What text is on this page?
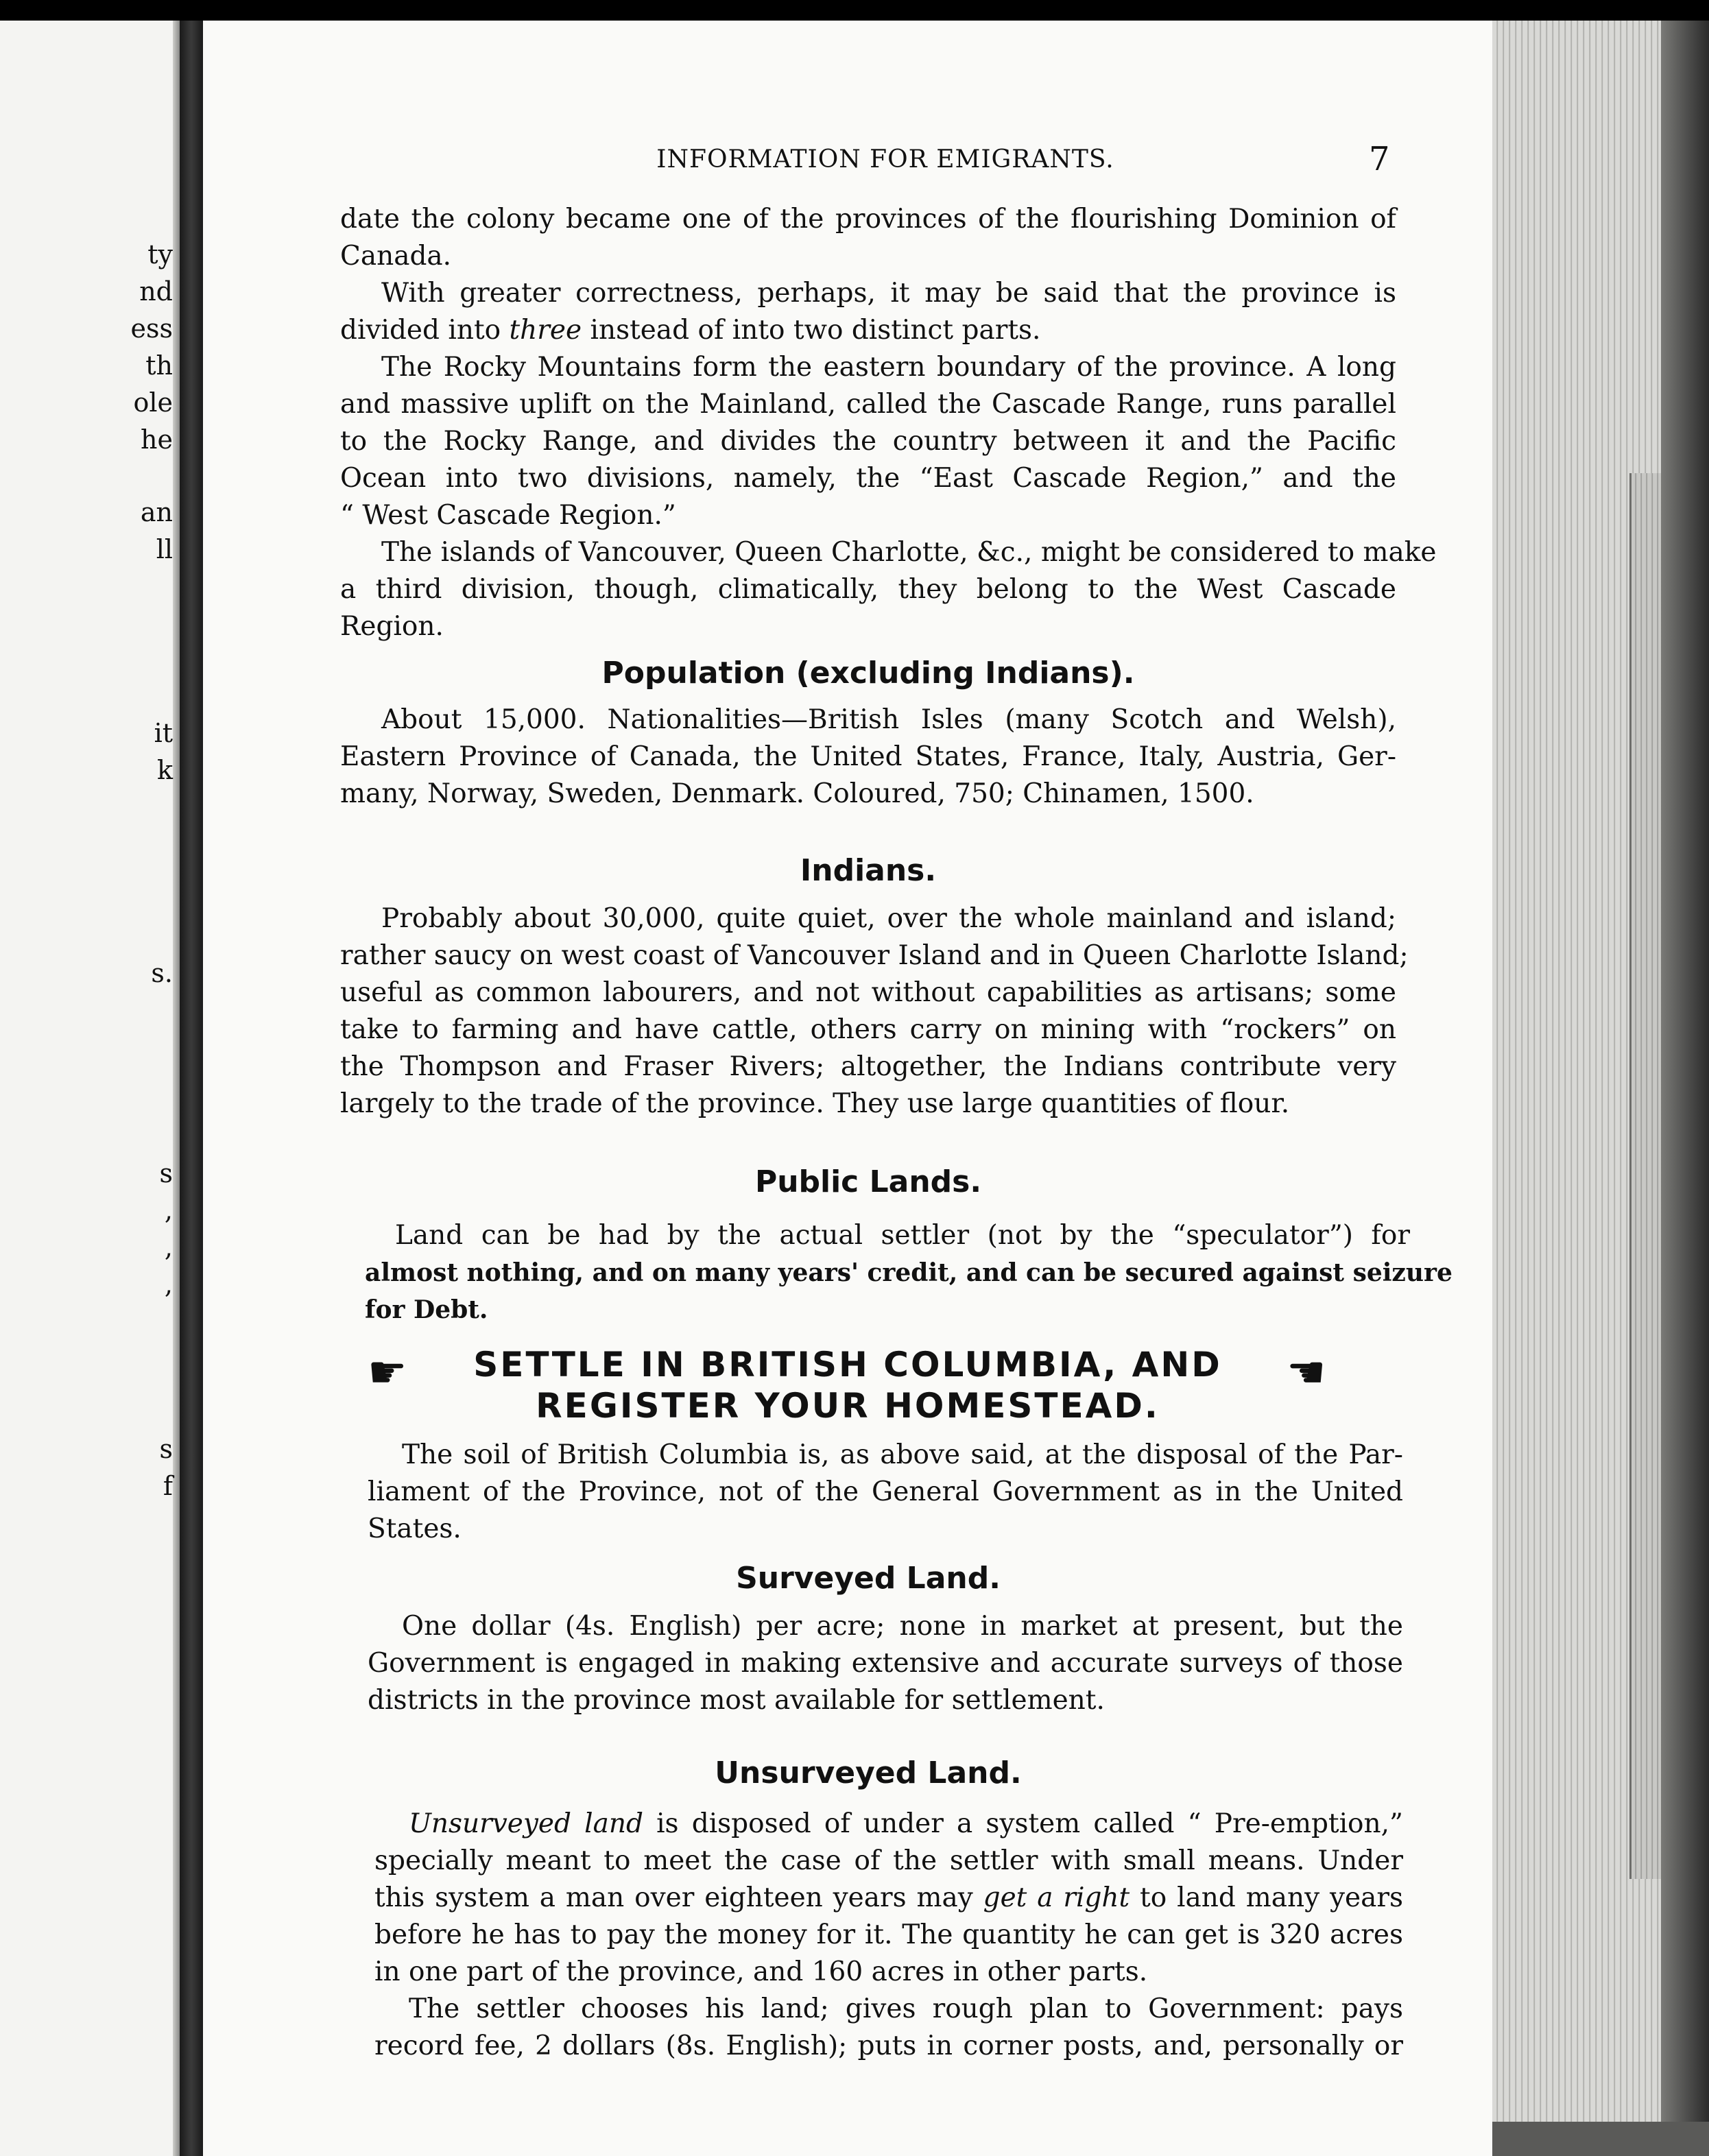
ty
nd
ess
th
ole
he
an
ll
it
k
s.
s
,
,
,
s
f
INFORMATION FOR EMIGRANTS.	7
date the colony became one of the provinces of the flourishing Dominion of
Canada.
With greater correctness, perhaps, it may be said that the province is
divided into three instead of into two distinct parts.
The Rocky Mountains form the eastern boundary of the province. A long
and massive uplift on the Mainland, called the Cascade Range, runs parallel
to the Rocky Range, and divides the country between it and the Pacific
Ocean into two divisions, namely, the “East Cascade Region,” and the
“ West Cascade Region.”
The islands of Vancouver, Queen Charlotte, &c., might be considered to make
a third division, though, climatically, they belong to the West Cascade
Region.
Population (excluding Indians).
About 15,000. Nationalities—British Isles (many Scotch and Welsh),
Eastern Province of Canada, the United States, France, Italy, Austria, Ger-
many, Norway, Sweden, Denmark. Coloured, 750; Chinamen, 1500.
Indians.
Probably about 30,000, quite quiet, over the whole mainland and island;
rather saucy on west coast of Vancouver Island and in Queen Charlotte Island;
useful as common labourers, and not without capabilities as artisans; some
take to farming and have cattle, others carry on mining with “rockers” on
the Thompson and Fraser Rivers; altogether, the Indians contribute very
largely to the trade of the province. They use large quantities of flour.
Public Lands.
Land can be had by the actual settler (not by the “speculator”) for
almost nothing, and on many years' credit, and can be secured against seizure
for Debt.
☛	SETTLE IN BRITISH COLUMBIA, AND
REGISTER YOUR HOMESTEAD.
☚
The soil of British Columbia is, as above said, at the disposal of the Par-
liament of the Province, not of the General Government as in the United
States.
Surveyed Land.
One dollar (4s. English) per acre; none in market at present, but the
Government is engaged in making extensive and accurate surveys of those
districts in the province most available for settlement.
Unsurveyed Land.
Unsurveyed land is disposed of under a system called “ Pre-emption,”
specially meant to meet the case of the settler with small means. Under
this system a man over eighteen years may get a right to land many years
before he has to pay the money for it. The quantity he can get is 320 acres
in one part of the province, and 160 acres in other parts.
The settler chooses his land; gives rough plan to Government: pays
record fee, 2 dollars (8s. English); puts in corner posts, and, personally or
